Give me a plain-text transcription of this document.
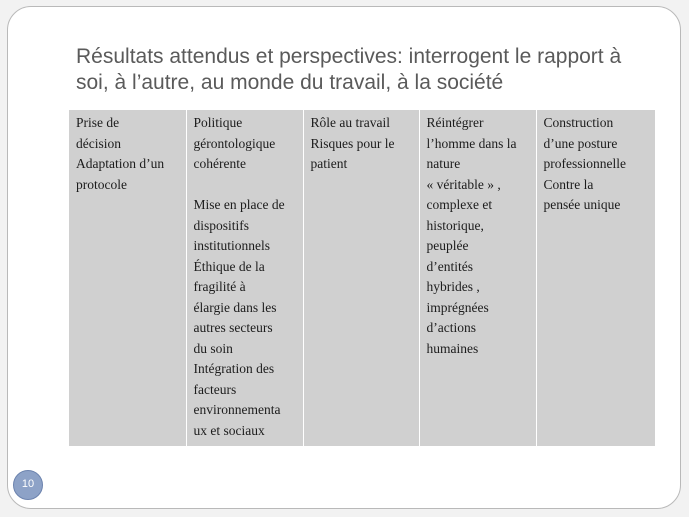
Résultats attendus et perspectives: interrogent le rapport à
soi, à l’autre, au monde du travail, à la société
Prise de
décision
Adaptation d’un
protocole	Politique
gérontologique
cohérente

Mise en place de
dispositifs
institutionnels
Éthique de la
fragilité à
élargie dans les
autres secteurs
du soin
Intégration des
facteurs
environnementa
ux et sociaux	Rôle au travail
Risques pour le
patient	Réintégrer
l’homme dans la
nature
« véritable » ,
complexe et
historique,
peuplée
d’entités
hybrides ,
imprégnées
d’actions
humaines	Construction
d’une posture
professionnelle
Contre la
pensée unique
10
